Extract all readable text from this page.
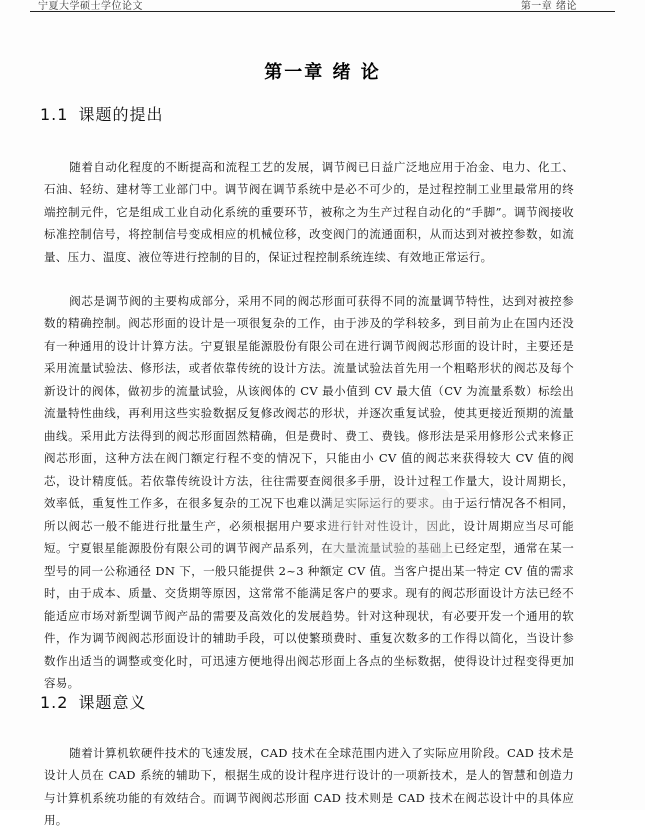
宁夏大学硕士学位论文	第一章 绪论
第一章 绪 论
1.1 课题的提出

随着自动化程度的不断提高和流程工艺的发展，调节阀已日益广泛地应用于冶金、电力、化工、石油、轻纺、建材等工业部门中。调节阀在调节系统中是必不可少的，是过程控制工业里最常用的终端控制元件，它是组成工业自动化系统的重要环节，被称之为生产过程自动化的“手脚”。调节阀接收标准控制信号，将控制信号变成相应的机械位移，改变阀门的流通面积，从而达到对被控参数，如流量、压力、温度、液位等进行控制的目的，保证过程控制系统连续、有效地正常运行。

阀芯是调节阀的主要构成部分，采用不同的阀芯形面可获得不同的流量调节特性，达到对被控参数的精确控制。阀芯形面的设计是一项很复杂的工作，由于涉及的学科较多，到目前为止在国内还没有一种通用的设计计算方法。宁夏银星能源股份有限公司在进行调节阀阀芯形面的设计时，主要还是采用流量试验法、修形法，或者依靠传统的设计方法。流量试验法首先用一个粗略形状的阀芯及每个新设计的阀体，做初步的流量试验，从该阀体的 CV 最小值到 CV 最大值（CV 为流量系数）标绘出流量特性曲线，再利用这些实验数据反复修改阀芯的形状，并逐次重复试验，使其更接近预期的流量曲线。采用此方法得到的阀芯形面固然精确，但是费时、费工、费钱。修形法是采用修形公式来修正阀芯形面，这种方法在阀门额定行程不变的情况下，只能由小 CV 值的阀芯来获得较大 CV 值的阀芯，设计精度低。若依靠传统设计方法，往往需要查阅很多手册，设计过程工作量大，设计周期长，效率低，重复性工作多，在很多复杂的工况下也难以满足实际运行的要求。由于运行情况各不相同，所以阀芯一般不能进行批量生产，必须根据用户要求进行针对性设计，因此，设计周期应当尽可能短。宁夏银星能源股份有限公司的调节阀产品系列，在大量流量试验的基础上已经定型，通常在某一型号的同一公称通径 DN 下，一般只能提供 2~3 种额定 CV 值。当客户提出某一特定 CV 值的需求时，由于成本、质量、交货期等原因，这常常不能满足客户的要求。现有的阀芯形面设计方法已经不能适应市场对新型调节阀产品的需要及高效化的发展趋势。针对这种现状，有必要开发一个通用的软件，作为调节阀阀芯形面设计的辅助手段，可以使繁琐费时、重复次数多的工作得以简化，当设计参数作出适当的调整或变化时，可迅速方便地得出阀芯形面上各点的坐标数据，使得设计过程变得更加容易。

1.2 课题意义

随着计算机软硬件技术的飞速发展，CAD 技术在全球范围内进入了实际应用阶段。CAD 技术是设计人员在 CAD 系统的辅助下，根据生成的设计程序进行设计的一项新技术，是人的智慧和创造力与计算机系统功能的有效结合。而调节阀阀芯形面 CAD 技术则是 CAD 技术在阀芯设计中的具体应用。
